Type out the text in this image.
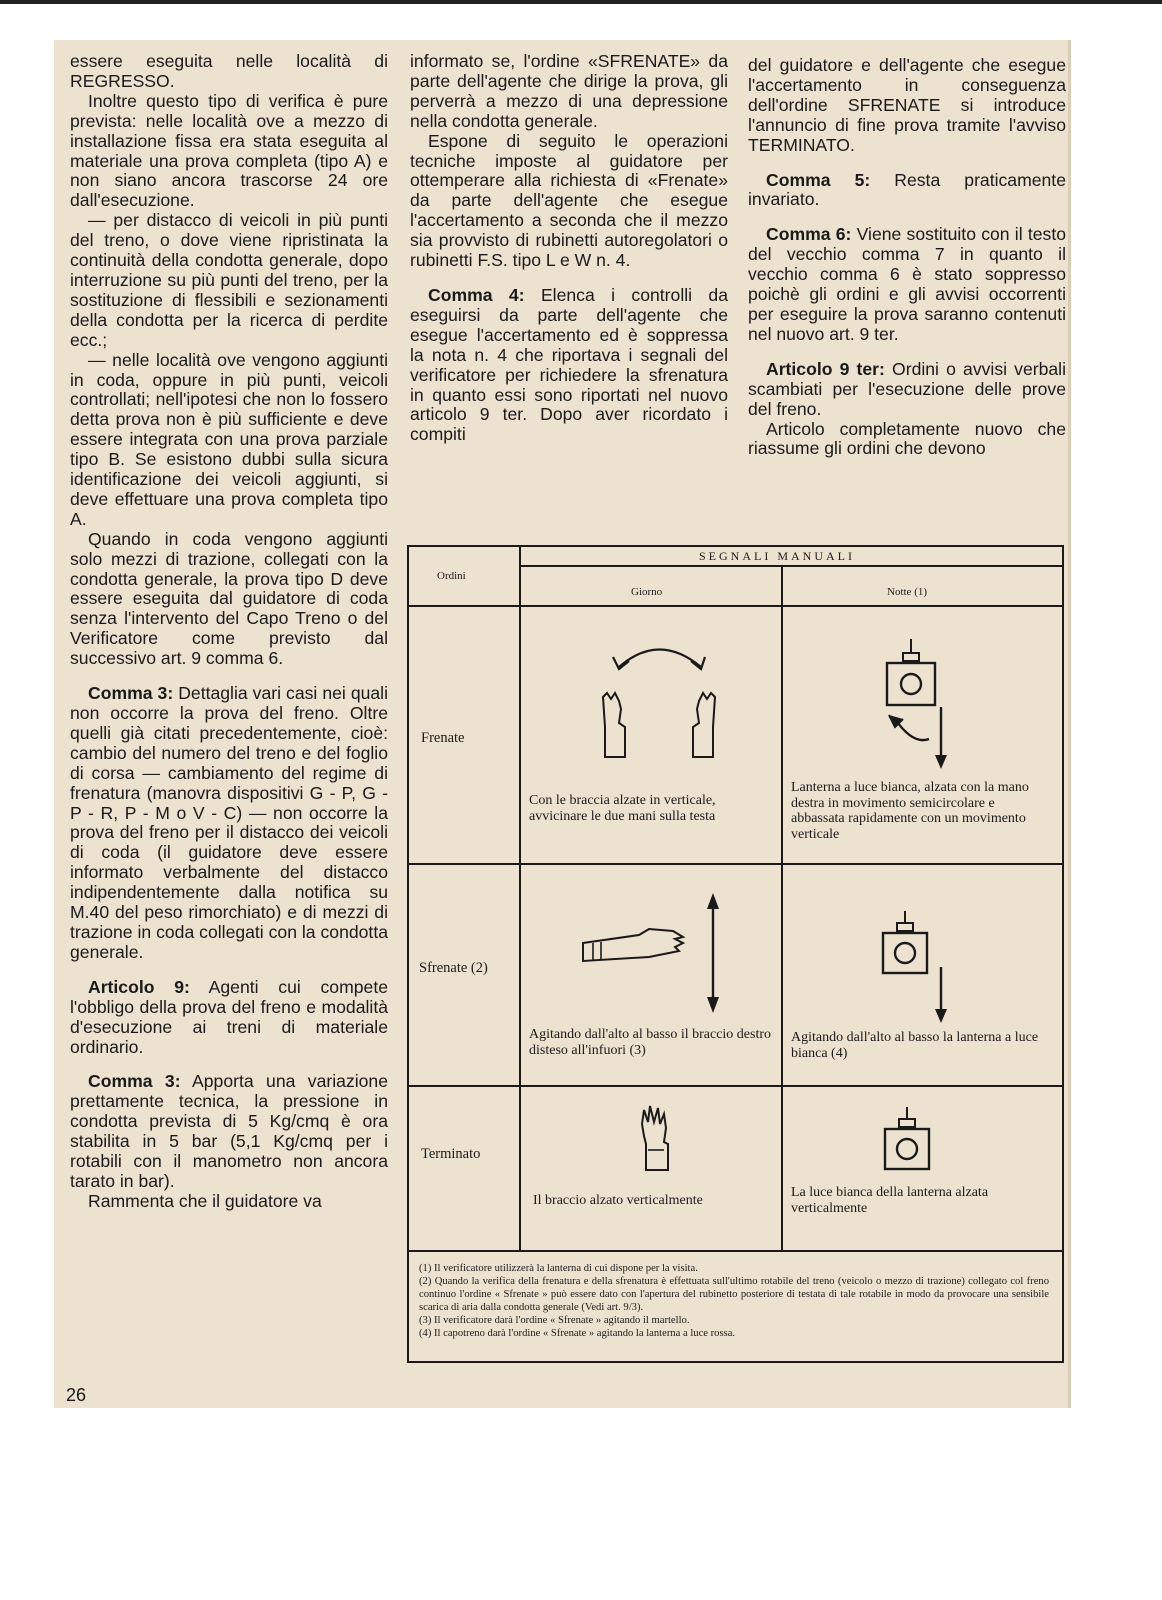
essere eseguita nelle località di REGRESSO.

Inoltre questo tipo di verifica è pure prevista: nelle località ove a mezzo di installazione fissa era stata eseguita al materiale una prova completa (tipo A) e non siano ancora trascorse 24 ore dall'esecuzione.

— per distacco di veicoli in più punti del treno, o dove viene ripristinata la continuità della condotta generale, dopo interruzione su più punti del treno, per la sostituzione di flessibili e sezionamenti della condotta per la ricerca di perdite ecc.;

— nelle località ove vengono aggiunti in coda, oppure in più punti, veicoli controllati; nell'ipotesi che non lo fossero detta prova non è più sufficiente e deve essere integrata con una prova parziale tipo B. Se esistono dubbi sulla sicura identificazione dei veicoli aggiunti, si deve effettuare una prova completa tipo A.

Quando in coda vengono aggiunti solo mezzi di trazione, collegati con la condotta generale, la prova tipo D deve essere eseguita dal guidatore di coda senza l'intervento del Capo Treno o del Verificatore come previsto dal successivo art. 9 comma 6.

Comma 3: Dettaglia vari casi nei quali non occorre la prova del freno. Oltre quelli già citati precedentemente, cioè: cambio del numero del treno e del foglio di corsa — cambiamento del regime di frenatura (manovra dispositivi G - P, G - P - R, P - M o V - C) — non occorre la prova del freno per il distacco dei veicoli di coda (il guidatore deve essere informato verbalmente del distacco indipendentemente dalla notifica su M.40 del peso rimorchiato) e di mezzi di trazione in coda collegati con la condotta generale.

Articolo 9: Agenti cui compete l'obbligo della prova del freno e modalità d'esecuzione ai treni di materiale ordinario.

Comma 3: Apporta una variazione prettamente tecnica, la pressione in condotta prevista di 5 Kg/cmq è ora stabilita in 5 bar (5,1 Kg/cmq per i rotabili con il manometro non ancora tarato in bar).

Rammenta che il guidatore va

informato se, l'ordine «SFRENATE» da parte dell'agente che dirige la prova, gli perverrà a mezzo di una depressione nella condotta generale.

Espone di seguito le operazioni tecniche imposte al guidatore per ottemperare alla richiesta di «Frenate» da parte dell'agente che esegue l'accertamento a seconda che il mezzo sia provvisto di rubinetti autoregolatori o rubinetti F.S. tipo L e W n. 4.

Comma 4: Elenca i controlli da eseguirsi da parte dell'agente che esegue l'accertamento ed è soppressa la nota n. 4 che riportava i segnali del verificatore per richiedere la sfrenatura in quanto essi sono riportati nel nuovo articolo 9 ter. Dopo aver ricordato i compiti

del guidatore e dell'agente che esegue l'accertamento in conseguenza dell'ordine SFRENATE si introduce l'annuncio di fine prova tramite l'avviso TERMINATO.

Comma 5: Resta praticamente invariato.

Comma 6: Viene sostituito con il testo del vecchio comma 7 in quanto il vecchio comma 6 è stato soppresso poichè gli ordini e gli avvisi occorrenti per eseguire la prova saranno contenuti nel nuovo art. 9 ter.

Articolo 9 ter: Ordini o avvisi verbali scambiati per l'esecuzione delle prove del freno.

Articolo completamente nuovo che riassume gli ordini che devono

SEGNALI MANUALI
Ordini
Giorno	Notte (1)
Frenate
Con le braccia alzate in verticale, avvicinare le due mani sulla testa
Lanterna a luce bianca, alzata con la mano destra in movimento semicircolare e abbassata rapidamente con un movimento verticale
Sfrenate (2)
Agitando dall'alto al basso il braccio destro disteso all'infuori (3)
Agitando dall'alto al basso la lanterna a luce bianca (4)
Terminato
Il braccio alzato verticalmente
La luce bianca della lanterna alzata verticalmente

(1) Il verificatore utilizzerà la lanterna di cui dispone per la visita.

(2) Quando la verifica della frenatura e della sfrenatura è effettuata sull'ultimo rotabile del treno (veicolo o mezzo di trazione) collegato col freno continuo l'ordine « Sfrenate » può essere dato con l'apertura del rubinetto posteriore di testata di tale rotabile in modo da provocare una sensibile scarica di aria dalla condotta generale (Vedi art. 9/3).

(3) Il verificatore darà l'ordine « Sfrenate » agitando il martello.

(4) Il capotreno darà l'ordine « Sfrenate » agitando la lanterna a luce rossa.

26
